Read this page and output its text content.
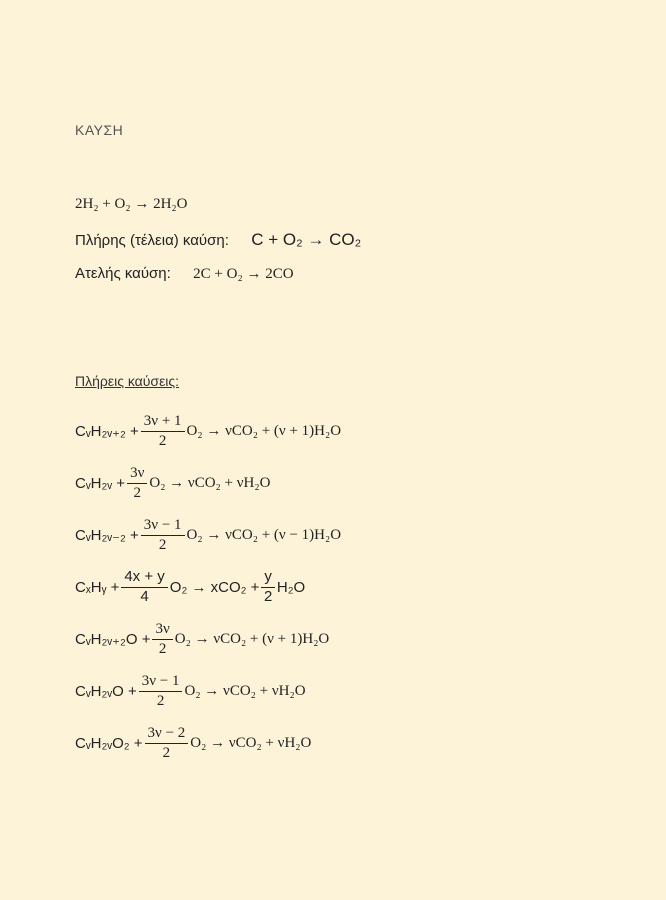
ΚΑΥΣΗ
2H₂ + O₂ → 2H₂O
Πλήρης (τέλεια) καύση: C + O₂ → CO₂
Ατελής καύση: 2C + O₂ → 2CO
Πλήρεις καύσεις:
CᵥH₂ᵥ₊₂ + $\frac{3\nu + 1}{2} O_2 \to \nu CO_2 + (\nu + 1)H_2O$
CᵥH₂ᵥ + $\frac{3\nu}{2} O_2 \to \nu CO_2 + \nu H_2O$
CᵥH₂ᵥ₋₂ + $\frac{3\nu - 1}{2} O_2 \to \nu CO_2 + (\nu - 1)H_2O$
CₓHᵧ + $\frac{4x + y}{4} O_2 \to xCO_2 + \frac{y}{2} H_2O$
CᵥH₂ᵥ₊₂O + $\frac{3\nu}{2} O_2 \to \nu CO_2 + (\nu + 1)H_2O$
CᵥH₂ᵥO + $\frac{3\nu - 1}{2} O_2 \to \nu CO_2 + \nu H_2O$
CᵥH₂ᵥO₂ + $\frac{3\nu - 2}{2} O_2 \to \nu CO_2 + \nu H_2O$
